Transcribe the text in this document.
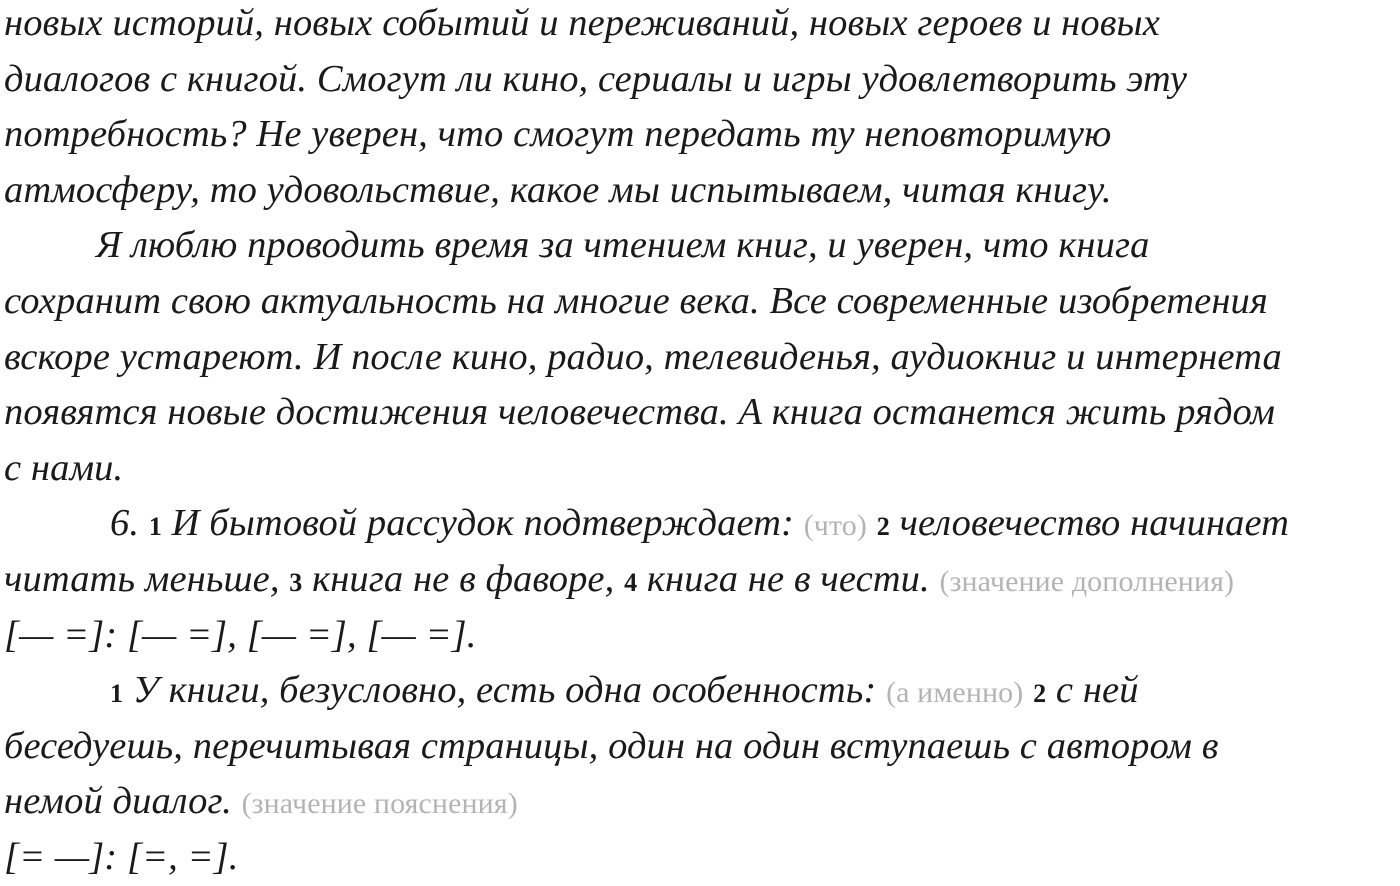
новых историй, новых событий и переживаний, новых героев и новых
диалогов с книгой. Смогут ли кино, сериалы и игры удовлетворить эту
потребность? Не уверен, что смогут передать ту неповторимую
атмосферу, то удовольствие, какое мы испытываем, читая книгу.
Я люблю проводить время за чтением книг, и уверен, что книга
сохранит свою актуальность на многие века. Все современные изобретения
вскоре устареют. И после кино, радио, телевиденья, аудиокниг и интернета
появятся новые достижения человечества. А книга останется жить рядом
с нами.
6. 1 И бытовой рассудок подтверждает: (что) 2 человечество начинает
читать меньше, 3 книга не в фаворе, 4 книга не в чести. (значение дополнения)
[— =]: [— =], [— =], [— =].
1 У книги, безусловно, есть одна особенность: (а именно) 2 с ней
беседуешь, перечитывая страницы, один на один вступаешь с автором в
немой диалог. (значение пояснения)
[= —]: [=, =].
